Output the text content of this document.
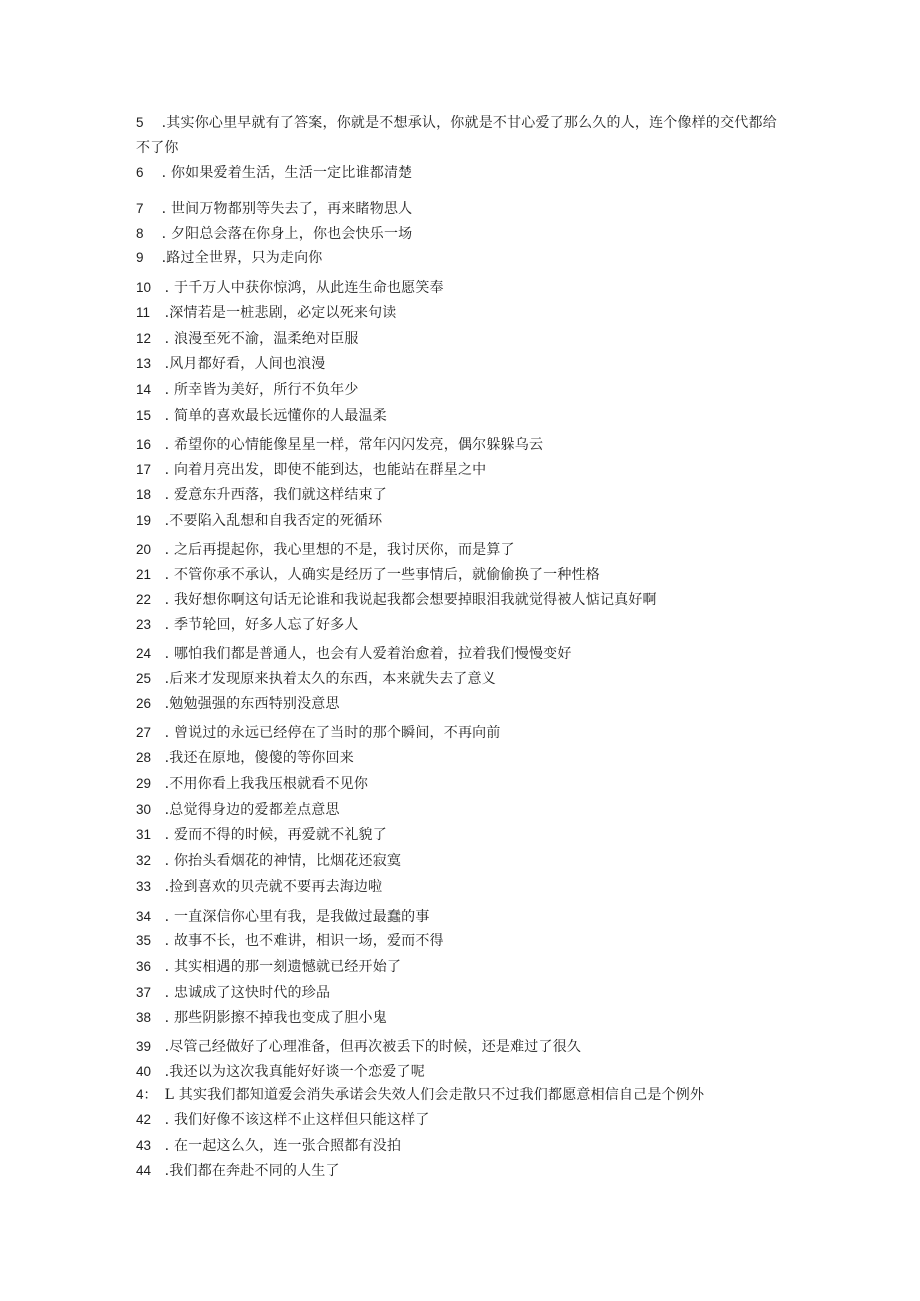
5 .其实你心里早就有了答案，你就是不想承认，你就是不甘心爱了那么久的人，连个像样的交代都给不了你
6 . 你如果爱着生活，生活一定比谁都清楚
7 . 世间万物都别等失去了，再来睹物思人
8 . 夕阳总会落在你身上，你也会快乐一场
9 .路过全世界，只为走向你
10 . 于千万人中获你惊鸿，从此连生命也愿笑奉
11 .深情若是一桩悲剧，必定以死来句读
12 . 浪漫至死不渝，温柔绝对臣服
13 .风月都好看，人间也浪漫
14 . 所幸皆为美好，所行不负年少
15 . 简单的喜欢最长远懂你的人最温柔
16 . 希望你的心情能像星星一样，常年闪闪发亮，偶尔躲躲乌云
17 . 向着月亮出发，即使不能到达，也能站在群星之中
18 . 爱意东升西落，我们就这样结束了
19 .不要陷入乱想和自我否定的死循环
20 . 之后再提起你，我心里想的不是，我讨厌你，而是算了
21 . 不管你承不承认，人确实是经历了一些事情后，就偷偷换了一种性格
22 . 我好想你啊这句话无论谁和我说起我都会想要掉眼泪我就觉得被人惦记真好啊
23 . 季节轮回，好多人忘了好多人
24 . 哪怕我们都是普通人，也会有人爱着治愈着，拉着我们慢慢变好
25 .后来才发现原来执着太久的东西，本来就失去了意义
26 .勉勉强强的东西特别没意思
27 . 曾说过的永远已经停在了当时的那个瞬间，不再向前
28 .我还在原地，傻傻的等你回来
29 .不用你看上我我压根就看不见你
30 .总觉得身边的爱都差点意思
31 . 爱而不得的时候，再爱就不礼貌了
32 . 你抬头看烟花的神情，比烟花还寂寞
33 .捡到喜欢的贝壳就不要再去海边啦
34 . 一直深信你心里有我，是我做过最蠢的事
35 . 故事不长，也不难讲，相识一场，爱而不得
36 . 其实相遇的那一刻遗憾就已经开始了
37 . 忠诚成了这快时代的珍品
38 . 那些阴影擦不掉我也变成了胆小鬼
39 .尽管己经做好了心理准备，但再次被丢下的时候，还是难过了很久
40 .我还以为这次我真能好好谈一个恋爱了呢
4： L 其实我们都知道爱会消失承诺会失效人们会走散只不过我们都愿意相信自己是个例外
42 . 我们好像不该这样不止这样但只能这样了
43 . 在一起这么久，连一张合照都有没拍
44 .我们都在奔赴不同的人生了
